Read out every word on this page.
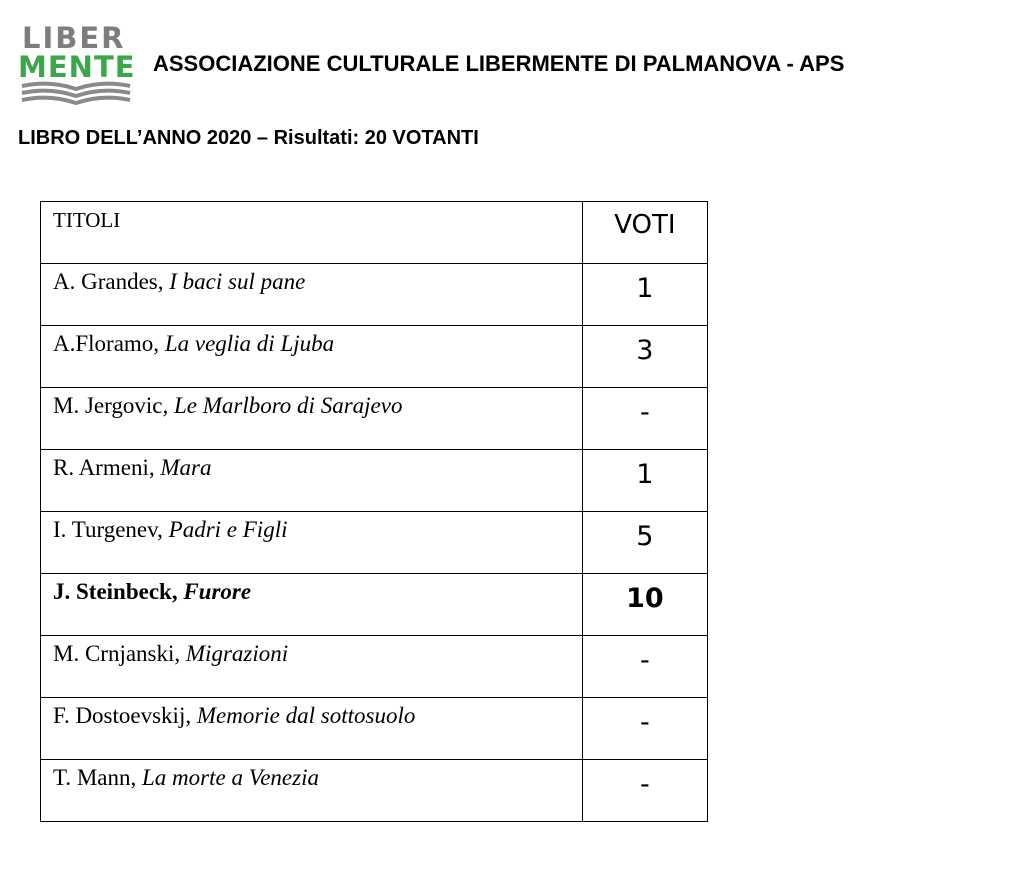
LIBER
MENTE ASSOCIAZIONE CULTURALE LIBERMENTE DI PALMANOVA - APS
LIBRO DELL’ANNO 2020 – Risultati: 20 VOTANTI
TITOLI	VOTI
A. Grandes, I baci sul pane	1
A.Floramo, La veglia di Ljuba	3
M. Jergovic, Le Marlboro di Sarajevo	-
R. Armeni, Mara	1
I. Turgenev, Padri e Figli	5
J. Steinbeck, Furore	10
M. Crnjanski, Migrazioni	-
F. Dostoevskij, Memorie dal sottosuolo	-
T. Mann, La morte a Venezia	-
